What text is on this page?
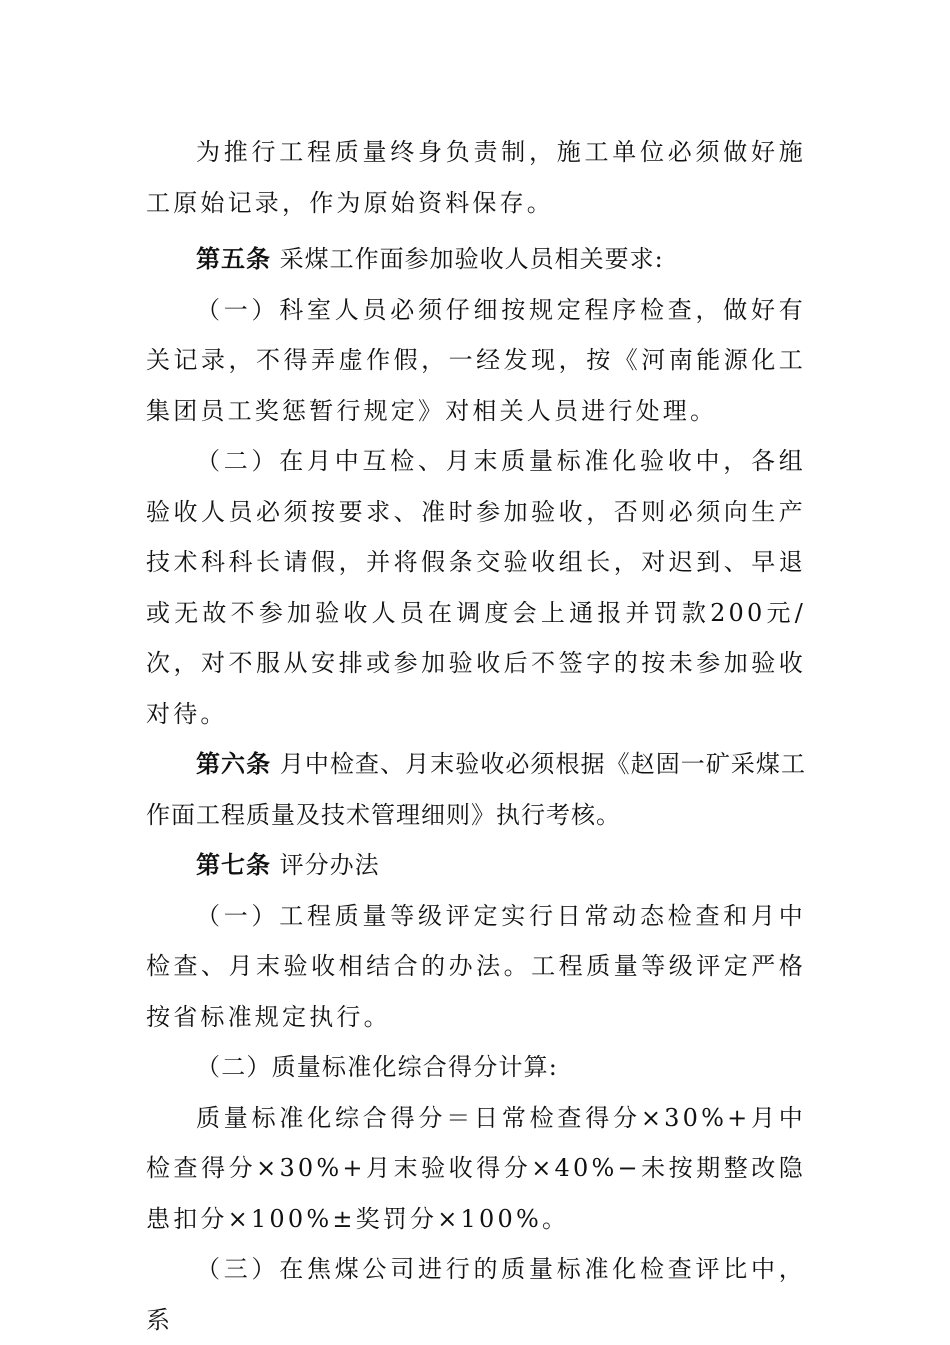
为推行工程质量终身负责制，施工单位必须做好施工原始记录，作为原始资料保存。

第五条 采煤工作面参加验收人员相关要求:

（一）科室人员必须仔细按规定程序检查，做好有关记录，不得弄虚作假，一经发现，按《河南能源化工集团员工奖惩暂行规定》对相关人员进行处理。

（二）在月中互检、月末质量标准化验收中，各组验收人员必须按要求、准时参加验收，否则必须向生产技术科科长请假，并将假条交验收组长，对迟到、早退或无故不参加验收人员在调度会上通报并罚款200元/次，对不服从安排或参加验收后不签字的按未参加验收对待。

第六条 月中检查、月末验收必须根据《赵固一矿采煤工作面工程质量及技术管理细则》执行考核。

第七条 评分办法

（一）工程质量等级评定实行日常动态检查和月中检查、月末验收相结合的办法。工程质量等级评定严格按省标准规定执行。

（二）质量标准化综合得分计算:

质量标准化综合得分＝日常检查得分×30%+月中检查得分×30%+月末验收得分×40%−未按期整改隐患扣分×100%±奖罚分×100%。

（三）在焦煤公司进行的质量标准化检查评比中，系
